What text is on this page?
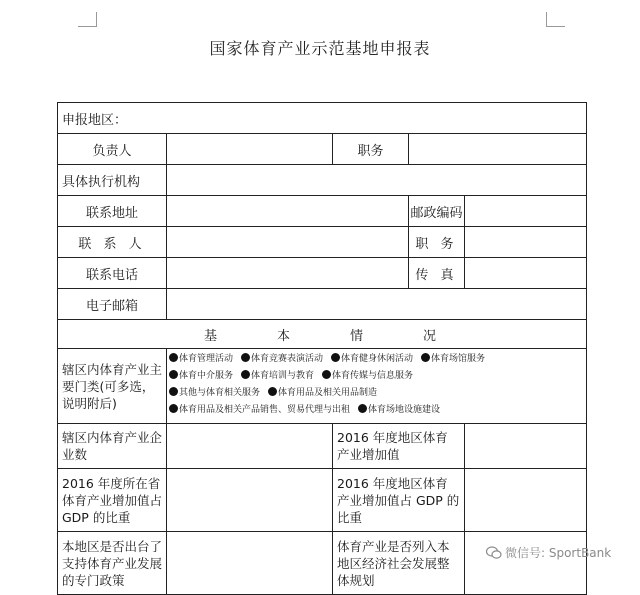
国家体育产业示范基地申报表
申报地区：				
负责人		职务		
具体执行机构				
联系地址			邮政编码	
联 系 人			职 务	
联系电话			传 真	
电子邮箱				
基本情况				
辖区内体育产业主要门类(可多选，说明附后)	体育管理活动 体育竞赛表演活动 体育健身休闲活动 体育场馆服务
体育中介服务 体育培训与教育 体育传媒与信息服务
其他与体育相关服务 体育用品及相关用品制造
体育用品及相关产品销售、贸易代理与出租 体育场地设施建设			

辖区内体育产业企业数		2016 年度地区体育产业增加值		
2016 年度所在省体育产业增加值占 GDP 的比重		2016 年度地区体育产业增加值占 GDP 的比重		
本地区是否出台了支持体育产业发展的专门政策		体育产业是否列入本地区经济社会发展整体规划		
微信号: SportBank
